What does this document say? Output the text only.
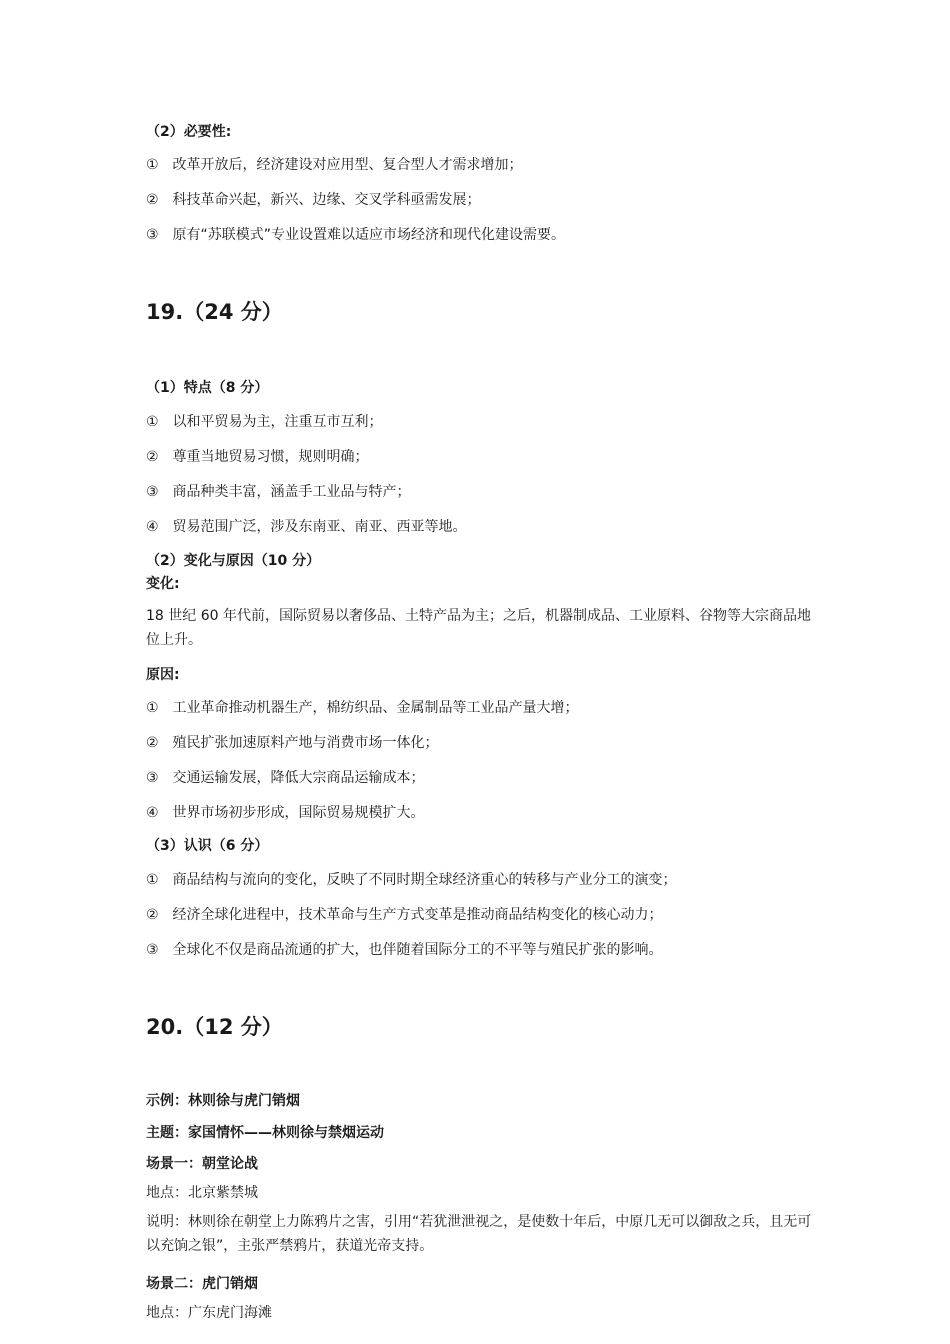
（2）必要性:
① 改革开放后，经济建设对应用型、复合型人才需求增加；
② 科技革命兴起，新兴、边缘、交叉学科亟需发展；
③ 原有“苏联模式”专业设置难以适应市场经济和现代化建设需要。
19.（24 分）
（1）特点（8 分）
① 以和平贸易为主，注重互市互利；
② 尊重当地贸易习惯，规则明确；
③ 商品种类丰富，涵盖手工业品与特产；
④ 贸易范围广泛，涉及东南亚、南亚、西亚等地。
（2）变化与原因（10 分）
变化:
18 世纪 60 年代前，国际贸易以奢侈品、土特产品为主；之后，机器制成品、工业原料、谷物等大宗商品地位上升。
原因:
① 工业革命推动机器生产，棉纺织品、金属制品等工业品产量大增；
② 殖民扩张加速原料产地与消费市场一体化；
③ 交通运输发展，降低大宗商品运输成本；
④ 世界市场初步形成，国际贸易规模扩大。
（3）认识（6 分）
① 商品结构与流向的变化，反映了不同时期全球经济重心的转移与产业分工的演变；
② 经济全球化进程中，技术革命与生产方式变革是推动商品结构变化的核心动力；
③ 全球化不仅是商品流通的扩大，也伴随着国际分工的不平等与殖民扩张的影响。
20.（12 分）
示例：林则徐与虎门销烟
主题：家国情怀——林则徐与禁烟运动
场景一：朝堂论战
地点：北京紫禁城
说明：林则徐在朝堂上力陈鸦片之害，引用“若犹泄泄视之，是使数十年后，中原几无可以御敌之兵，且无可以充饷之银”，主张严禁鸦片，获道光帝支持。
场景二：虎门销烟
地点：广东虎门海滩
